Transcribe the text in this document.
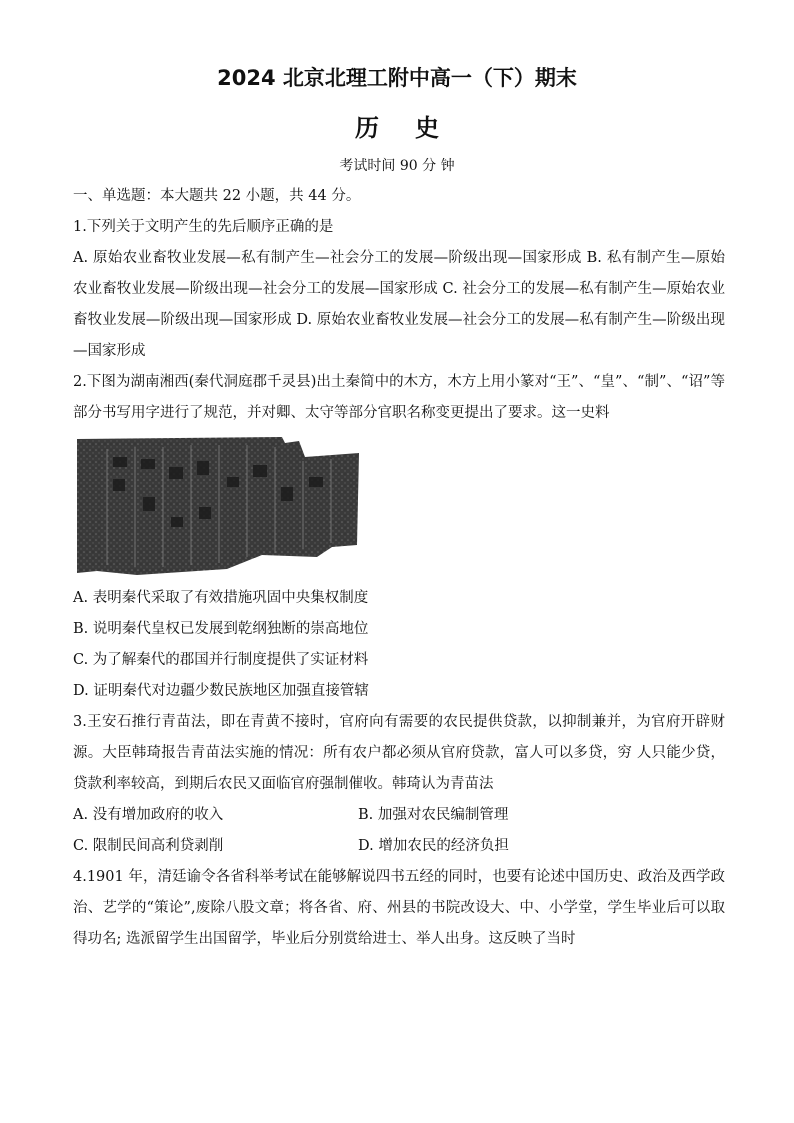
2024 北京北理工附中高一（下）期末
历史
考试时间 90 分 钟

一、单选题：本大题共 22 小题，共 44 分。

1.下列关于文明产生的先后顺序正确的是

A. 原始农业畜牧业发展—私有制产生—社会分工的发展—阶级出现—国家形成 B. 私有制产生—原始农业畜牧业发展—阶级出现—社会分工的发展—国家形成 C. 社会分工的发展—私有制产生—原始农业畜牧业发展—阶级出现—国家形成 D. 原始农业畜牧业发展—社会分工的发展—私有制产生—阶级出现—国家形成

2.下图为湖南湘西(秦代洞庭郡千灵县)出土秦简中的木方，木方上用小篆对“王”、“皇”、“制”、“诏”等部分书写用字进行了规范，并对卿、太守等部分官职名称变更提出了要求。这一史料

A. 表明秦代采取了有效措施巩固中央集权制度

B. 说明秦代皇权已发展到乾纲独断的崇高地位

C. 为了解秦代的郡国并行制度提供了实证材料

D. 证明秦代对边疆少数民族地区加强直接管辖

3.王安石推行青苗法，即在青黄不接时，官府向有需要的农民提供贷款，以抑制兼并，为官府开辟财源。大臣韩琦报告青苗法实施的情况：所有农户都必须从官府贷款，富人可以多贷，穷 人只能少贷，贷款利率较高，到期后农民又面临官府强制催收。韩琦认为青苗法

A. 没有增加政府的收入	B. 加强对农民编制管理
C. 限制民间高利贷剥削	D. 增加农民的经济负担

4.1901 年，清廷谕令各省科举考试在能够解说四书五经的同时，也要有论述中国历史、政治及西学政治、艺学的“策论”,废除八股文章；将各省、府、州县的书院改设大、中、小学堂，学生毕业后可以取得功名; 选派留学生出国留学，毕业后分别赏给进士、举人出身。这反映了当时
